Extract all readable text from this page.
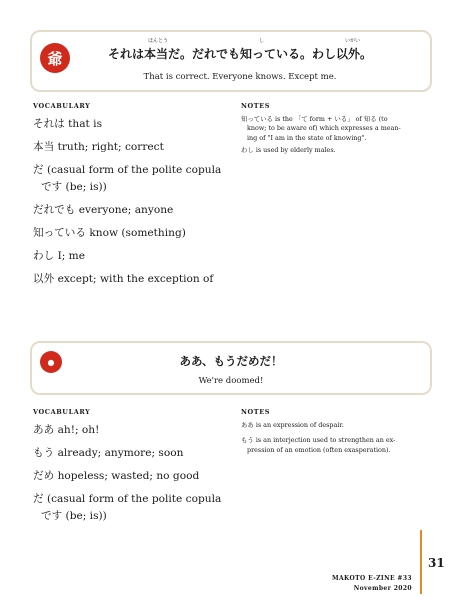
爺
ほんとう	し	いがい
それは本当だ。だれでも知っている。わし以外。
That is correct. Everyone knows. Except me.
VOCABULARY	NOTES
それは that is
本当 truth; right; correct
だ (casual form of the polite copula
です (be; is))
だれでも everyone; anyone
知っている know (something)
わし I; me
以外 except; with the exception of

知っている is the 「て form + いる」 of 知る (to
know; to be aware of) which expresses a mean-
ing of "I am in the state of knowing".

わし is used by elderly males.

●	ああ、もうだめだ！
We're doomed!
VOCABULARY	NOTES
ああ ah!; oh!
もう already; anymore; soon
だめ hopeless; wasted; no good
だ (casual form of the polite copula
です (be; is))

ああ is an expression of despair.

もう is an interjection used to strengthen an ex-
pression of an emotion (often exasperation).

31
MAKOTO E-ZINE #33
November 2020
